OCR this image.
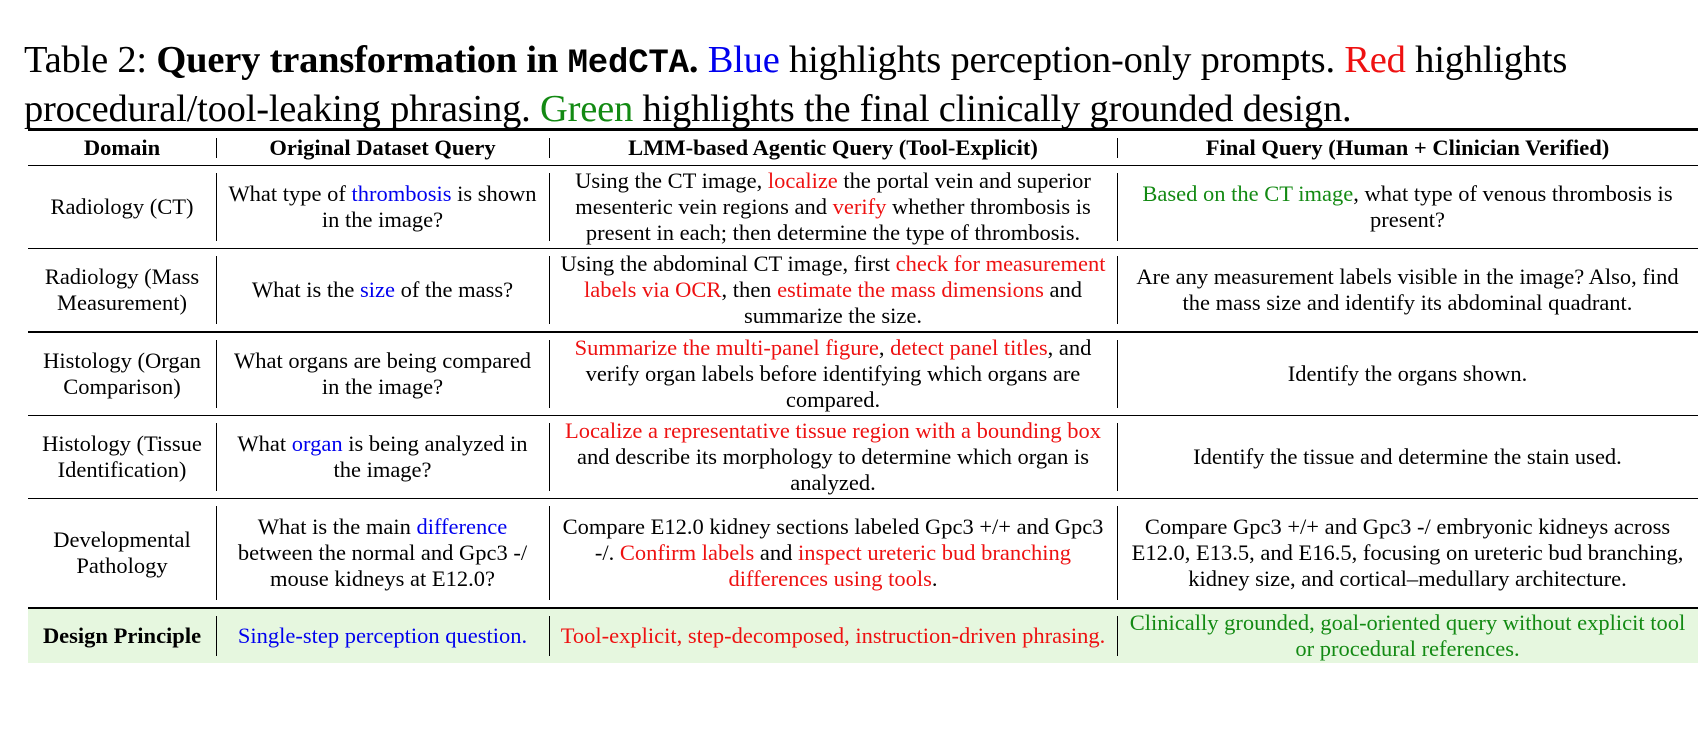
Table 2: Query transformation in MedCTA. Blue highlights perception-only prompts. Red highlights procedural/tool-leaking phrasing. Green highlights the final clinically grounded design.
Domain	Original Dataset Query	LMM-based Agentic Query (Tool-Explicit)	Final Query (Human + Clinician Verified)
Radiology (CT)	What type of thrombosis is shown in the image?	Using the CT image, localize the portal vein and superior mesenteric vein regions and verify whether thrombosis is present in each; then determine the type of thrombosis.	Based on the CT image, what type of venous thrombosis is present?
Radiology (Mass Measurement)	What is the size of the mass?	Using the abdominal CT image, first check for measurement labels via OCR, then estimate the mass dimensions and summarize the size.	Are any measurement labels visible in the image? Also, find the mass size and identify its abdominal quadrant.
Histology (Organ Comparison)	What organs are being compared in the image?	Summarize the multi-panel figure, detect panel titles, and verify organ labels before identifying which organs are compared.	Identify the organs shown.
Histology (Tissue Identification)	What organ is being analyzed in the image?	Localize a representative tissue region with a bounding box and describe its morphology to determine which organ is analyzed.	Identify the tissue and determine the stain used.
Developmental Pathology	What is the main difference between the normal and Gpc3 -/ mouse kidneys at E12.0?	Compare E12.0 kidney sections labeled Gpc3 +/+ and Gpc3 -/. Confirm labels and inspect ureteric bud branching differences using tools.	Compare Gpc3 +/+ and Gpc3 -/ embryonic kidneys across E12.0, E13.5, and E16.5, focusing on ureteric bud branching, kidney size, and cortical–medullary architecture.
Design Principle	Single-step perception question.	Tool-explicit, step-decomposed, instruction-driven phrasing.	Clinically grounded, goal-oriented query without explicit tool or procedural references.
